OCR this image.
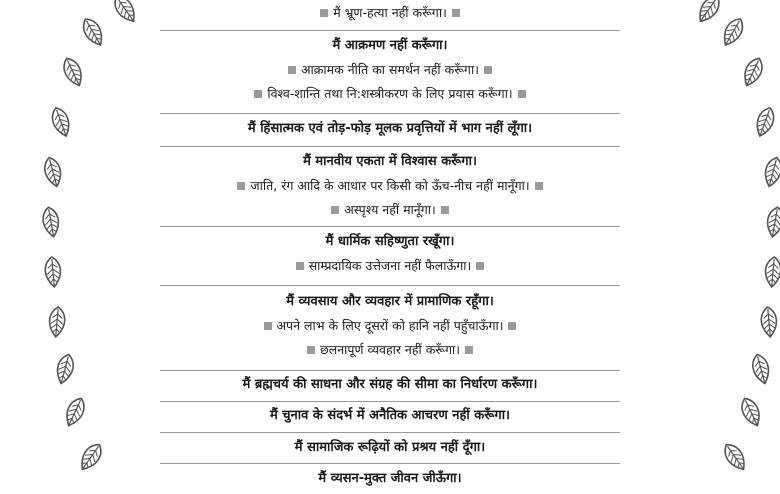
मैं भ्रूण-हत्या नहीं करूँगा।
मैं आक्रमण नहीं करूँगा।
आक्रामक नीति का समर्थन नहीं करूँगा।
विश्व-शान्ति तथा नि:शस्त्रीकरण के लिए प्रयास करूँगा।
मैं हिंसात्मक एवं तोड़-फोड़ मूलक प्रवृत्तियों में भाग नहीं लूँगा।
मैं मानवीय एकता में विश्वास करूँगा।
जाति, रंग आदि के आधार पर किसी को ऊँच-नीच नहीं मानूँगा।
अस्पृश्य नहीं मानूँगा।
मैं धार्मिक सहिष्णुता रखूँगा।
साम्प्रदायिक उत्तेजना नहीं फैलाऊँगा।
मैं व्यवसाय और व्यवहार में प्रामाणिक रहूँगा।
अपने लाभ के लिए दूसरों को हानि नहीं पहुँचाऊँगा।
छलनापूर्ण व्यवहार नहीं करूँगा।
मैं ब्रह्मचर्य की साधना और संग्रह की सीमा का निर्धारण करूँगा।
मैं चुनाव के संदर्भ में अनैतिक आचरण नहीं करूँगा।
मैं सामाजिक रूढ़ियों को प्रश्रय नहीं दूँगा।
मैं व्यसन-मुक्त जीवन जीऊँगा।
